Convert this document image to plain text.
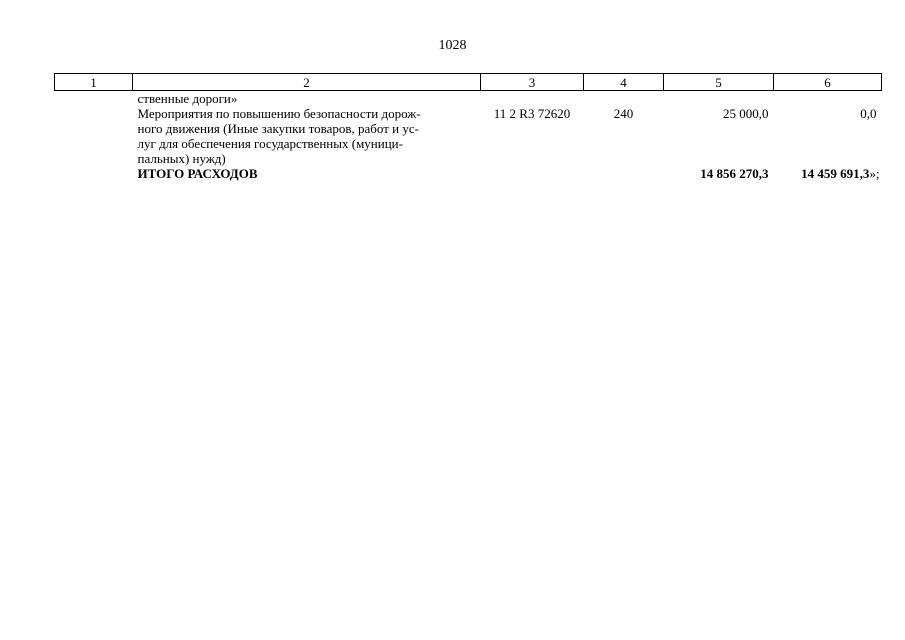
1028
1	2	3	4	5	6
	ственные дороги»				

	Мероприятия по повышению безопасности дорож-
ного движения (Иные закупки товаров, работ и ус-
луг для обеспечения государственных (муници-
пальных) нужд)	11 2 R3 72620	240	25 000,0	0,0
	ИТОГО РАСХОДОВ			14 856 270,3	14 459 691,3»;
